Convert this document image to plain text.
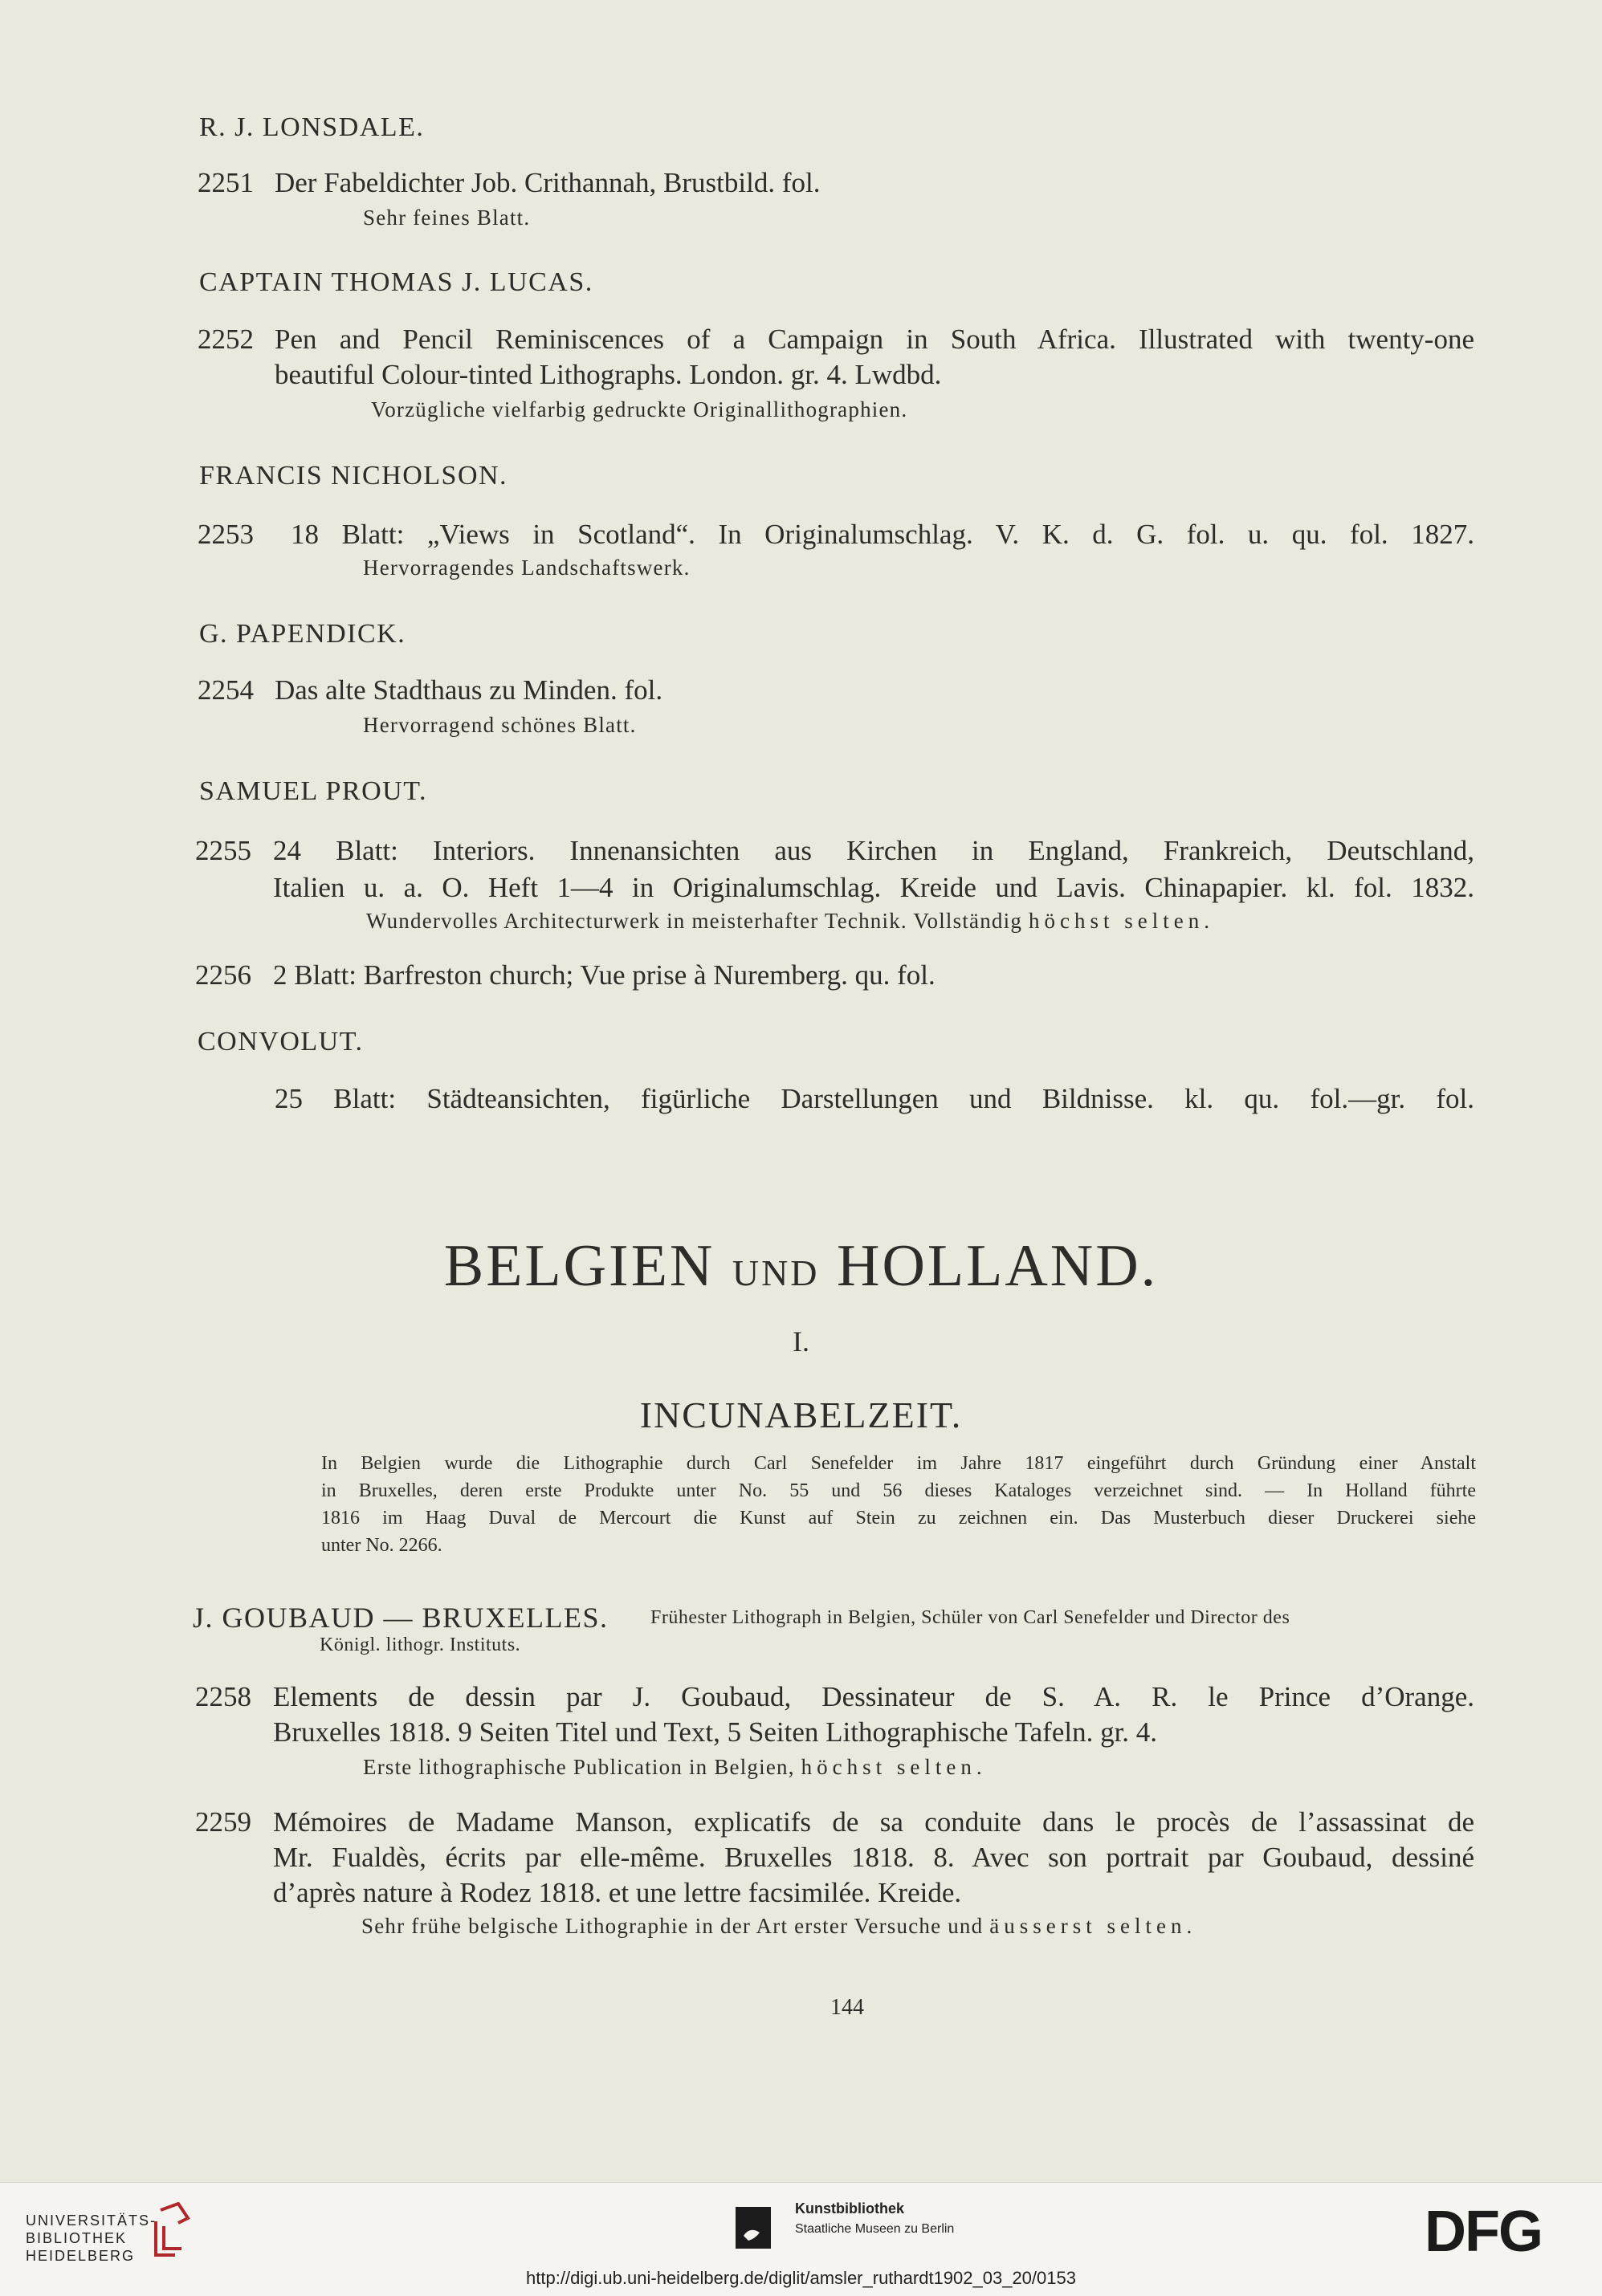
R. J. LONSDALE.
2251 Der Fabeldichter Job. Crithannah, Brustbild. fol.
Sehr feines Blatt.
CAPTAIN THOMAS J. LUCAS.
2252 Pen and Pencil Reminiscences of a Campaign in South Africa. Illustrated with twenty-one
beautiful Colour-tinted Lithographs. London. gr. 4. Lwdbd.
Vorzügliche vielfarbig gedruckte Originallithographien.
FRANCIS NICHOLSON.
2253 18 Blatt: „Views in Scotland“. In Originalumschlag. V. K. d. G. fol. u. qu. fol. 1827.
Hervorragendes Landschaftswerk.
G. PAPENDICK.
2254 Das alte Stadthaus zu Minden. fol.
Hervorragend schönes Blatt.
SAMUEL PROUT.
2255 24 Blatt: Interiors. Innenansichten aus Kirchen in England, Frankreich, Deutschland,
Italien u. a. O. Heft 1—4 in Originalumschlag. Kreide und Lavis. Chinapapier. kl. fol. 1832.
Wundervolles Architecturwerk in meisterhafter Technik. Vollständig höchst selten.
2256 2 Blatt: Barfreston church; Vue prise à Nuremberg. qu. fol.
CONVOLUT.
25 Blatt: Städteansichten, figürliche Darstellungen und Bildnisse. kl. qu. fol.—gr. fol.
BELGIEN UND HOLLAND.
I.
INCUNABELZEIT.
In Belgien wurde die Lithographie durch Carl Senefelder im Jahre 1817 eingeführt durch Gründung einer Anstalt
in Bruxelles, deren erste Produkte unter No. 55 und 56 dieses Kataloges verzeichnet sind. — In Holland führte
1816 im Haag Duval de Mercourt die Kunst auf Stein zu zeichnen ein. Das Musterbuch dieser Druckerei siehe
unter No. 2266.
J. GOUBAUD — BRUXELLES. Frühester Lithograph in Belgien, Schüler von Carl Senefelder und Director des
Königl. lithogr. Instituts.
2258 Elements de dessin par J. Goubaud, Dessinateur de S. A. R. le Prince d’Orange.
Bruxelles 1818. 9 Seiten Titel und Text, 5 Seiten Lithographische Tafeln. gr. 4.
Erste lithographische Publication in Belgien, höchst selten.
2259 Mémoires de Madame Manson, explicatifs de sa conduite dans le procès de l’assassinat de
Mr. Fualdès, écrits par elle-même. Bruxelles 1818. 8. Avec son portrait par Goubaud, dessiné
d’après nature à Rodez 1818. et une lettre facsimilée. Kreide.
Sehr frühe belgische Lithographie in der Art erster Versuche und äusserst selten.
144
UNIVERSITÄTS-
BIBLIOTHEK
HEIDELBERG
Kunstbibliothek
Staatliche Museen zu Berlin	DFG
http://digi.ub.uni-heidelberg.de/diglit/amsler_ruthardt1902_03_20/0153
